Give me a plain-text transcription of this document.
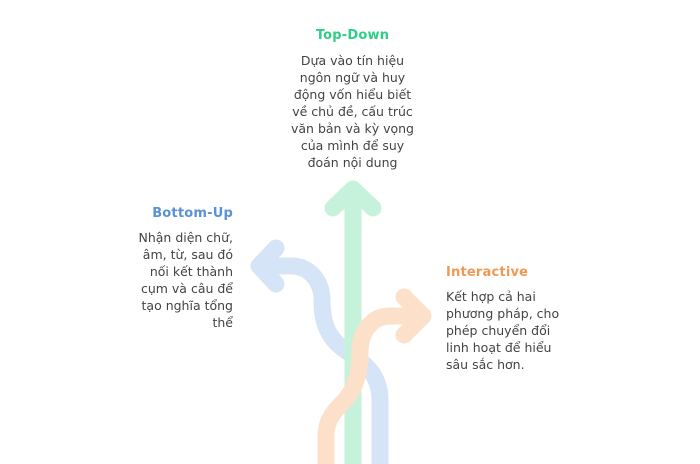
Top-Down
Dựa vào tín hiệu
ngôn ngữ và huy
động vốn hiểu biết
về chủ đề, cấu trúc
văn bản và kỳ vọng
của mình để suy
đoán nội dung
Bottom-Up
Nhận diện chữ,
âm, từ, sau đó
nối kết thành
cụm và câu để
tạo nghĩa tổng
thể
Interactive
Kết hợp cả hai
phương pháp, cho
phép chuyển đổi
linh hoạt để hiểu
sâu sắc hơn.
